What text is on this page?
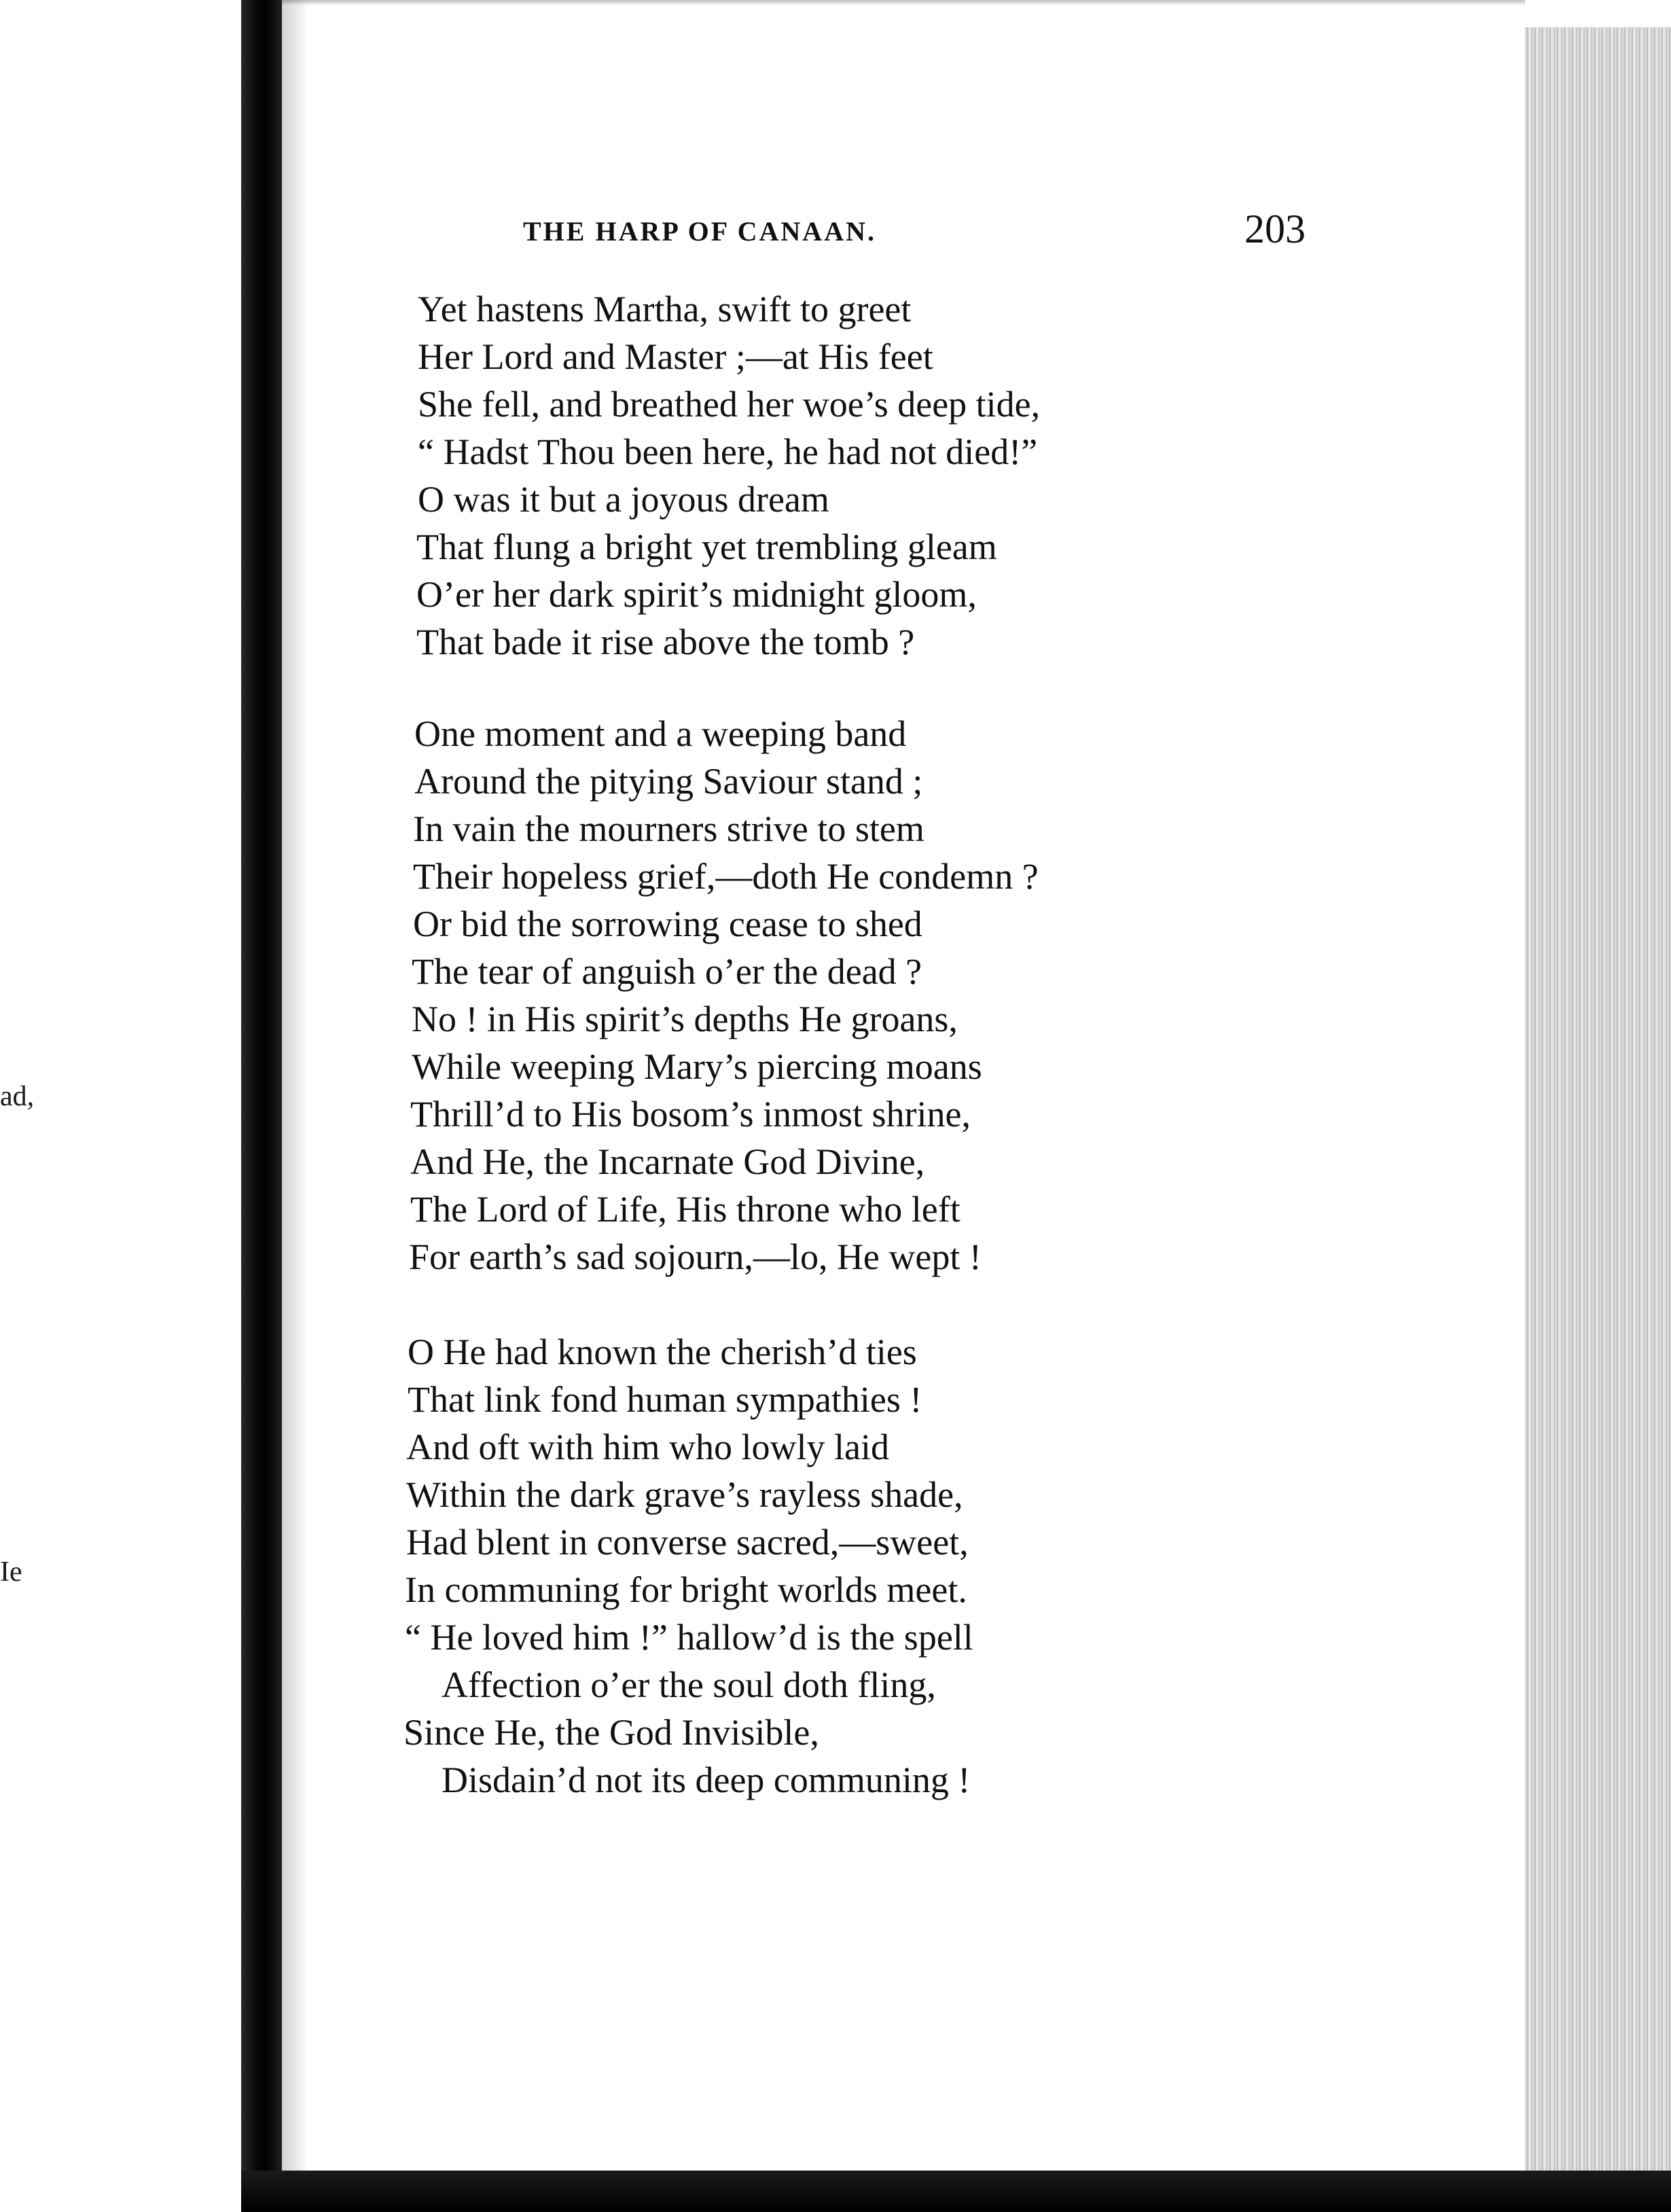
ad,
Ie
THE HARP OF CANAAN.	203
Yet hastens Martha, swift to greet
Her Lord and Master ;—at His feet
She fell, and breathed her woe’s deep tide,
“ Hadst Thou been here, he had not died!”
O was it but a joyous dream
That flung a bright yet trembling gleam
O’er her dark spirit’s midnight gloom,
That bade it rise above the tomb ?
One moment and a weeping band
Around the pitying Saviour stand ;
In vain the mourners strive to stem
Their hopeless grief,—doth He condemn ?
Or bid the sorrowing cease to shed
The tear of anguish o’er the dead ?
No ! in His spirit’s depths He groans,
While weeping Mary’s piercing moans
Thrill’d to His bosom’s inmost shrine,
And He, the Incarnate God Divine,
The Lord of Life, His throne who left
For earth’s sad sojourn,—lo, He wept !
O He had known the cherish’d ties
That link fond human sympathies !
And oft with him who lowly laid
Within the dark grave’s rayless shade,
Had blent in converse sacred,—sweet,
In communing for bright worlds meet.
“ He loved him !” hallow’d is the spell
Affection o’er the soul doth fling,
Since He, the God Invisible,
Disdain’d not its deep communing !
